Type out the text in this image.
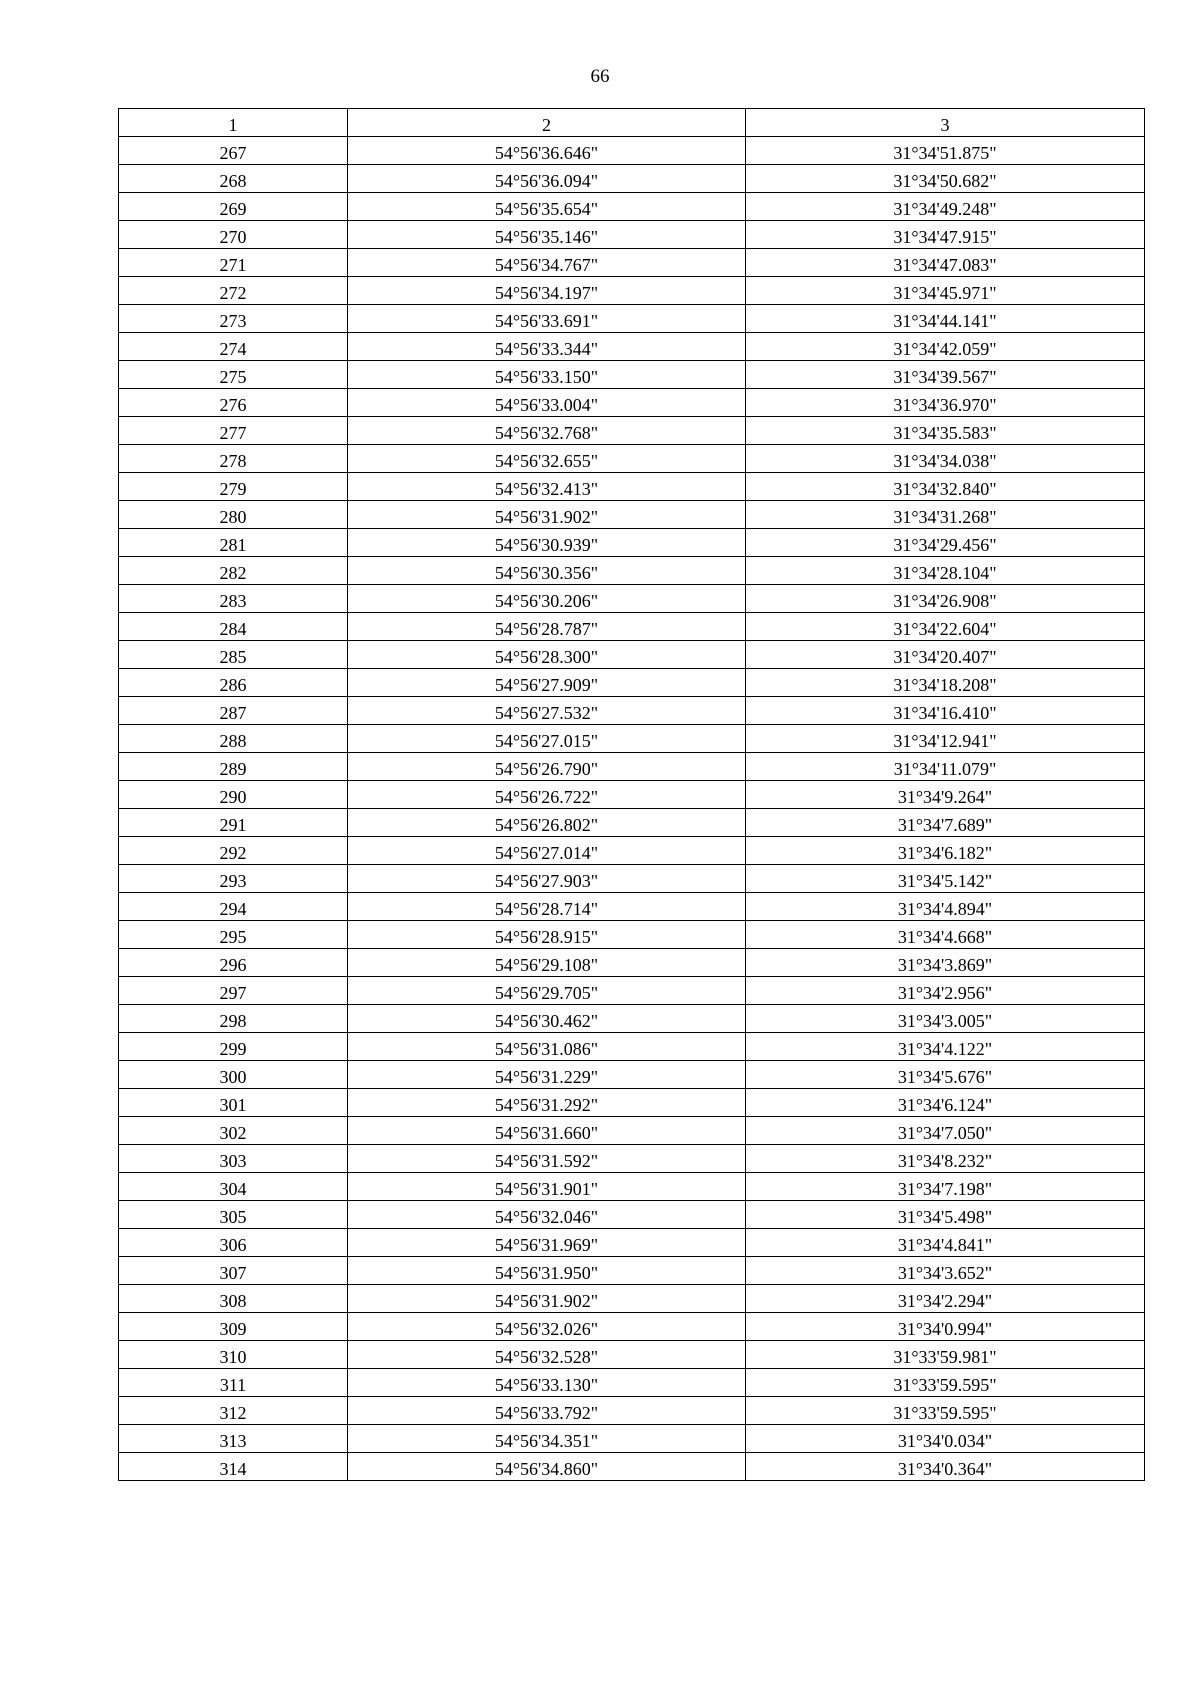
66
1	2	3
267	54°56'36.646"	31°34'51.875"
268	54°56'36.094"	31°34'50.682"
269	54°56'35.654"	31°34'49.248"
270	54°56'35.146"	31°34'47.915"
271	54°56'34.767"	31°34'47.083"
272	54°56'34.197"	31°34'45.971"
273	54°56'33.691"	31°34'44.141"
274	54°56'33.344"	31°34'42.059"
275	54°56'33.150"	31°34'39.567"
276	54°56'33.004"	31°34'36.970"
277	54°56'32.768"	31°34'35.583"
278	54°56'32.655"	31°34'34.038"
279	54°56'32.413"	31°34'32.840"
280	54°56'31.902"	31°34'31.268"
281	54°56'30.939"	31°34'29.456"
282	54°56'30.356"	31°34'28.104"
283	54°56'30.206"	31°34'26.908"
284	54°56'28.787"	31°34'22.604"
285	54°56'28.300"	31°34'20.407"
286	54°56'27.909"	31°34'18.208"
287	54°56'27.532"	31°34'16.410"
288	54°56'27.015"	31°34'12.941"
289	54°56'26.790"	31°34'11.079"
290	54°56'26.722"	31°34'9.264"
291	54°56'26.802"	31°34'7.689"
292	54°56'27.014"	31°34'6.182"
293	54°56'27.903"	31°34'5.142"
294	54°56'28.714"	31°34'4.894"
295	54°56'28.915"	31°34'4.668"
296	54°56'29.108"	31°34'3.869"
297	54°56'29.705"	31°34'2.956"
298	54°56'30.462"	31°34'3.005"
299	54°56'31.086"	31°34'4.122"
300	54°56'31.229"	31°34'5.676"
301	54°56'31.292"	31°34'6.124"
302	54°56'31.660"	31°34'7.050"
303	54°56'31.592"	31°34'8.232"
304	54°56'31.901"	31°34'7.198"
305	54°56'32.046"	31°34'5.498"
306	54°56'31.969"	31°34'4.841"
307	54°56'31.950"	31°34'3.652"
308	54°56'31.902"	31°34'2.294"
309	54°56'32.026"	31°34'0.994"
310	54°56'32.528"	31°33'59.981"
311	54°56'33.130"	31°33'59.595"
312	54°56'33.792"	31°33'59.595"
313	54°56'34.351"	31°34'0.034"
314	54°56'34.860"	31°34'0.364"
